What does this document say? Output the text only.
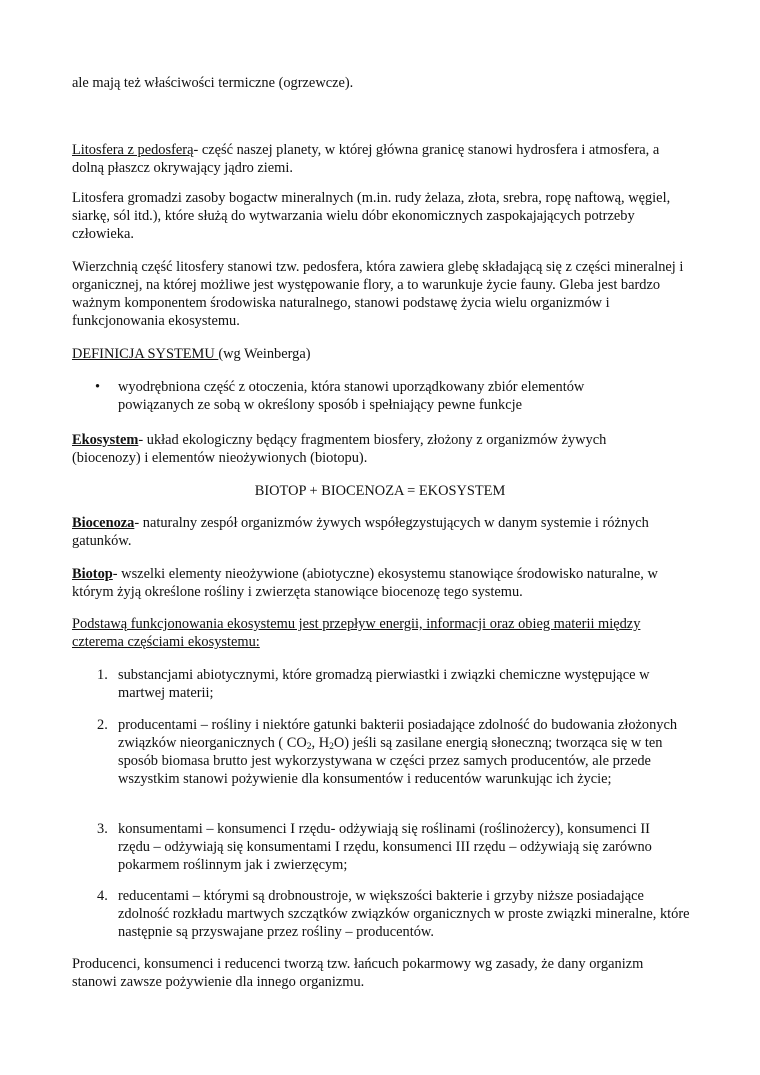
ale mają też właściwości termiczne (ogrzewcze).

Litosfera z pedosferą- część naszej planety, w której główna granicę stanowi hydrosfera i atmosfera, a dolną płaszcz okrywający jądro ziemi.

Litosfera gromadzi zasoby bogactw mineralnych (m.in. rudy żelaza, złota, srebra, ropę naftową, węgiel, siarkę, sól itd.), które służą do wytwarzania wielu dóbr ekonomicznych zaspokajających potrzeby człowieka.

Wierzchnią część litosfery stanowi tzw. pedosfera, która zawiera glebę składającą się z części mineralnej i organicznej, na której możliwe jest występowanie flory, a to warunkuje życie fauny. Gleba jest bardzo ważnym komponentem środowiska naturalnego, stanowi podstawę życia wielu organizmów i funkcjonowania ekosystemu.

DEFINICJA SYSTEMU (wg Weinberga)

• wyodrębniona część z otoczenia, która stanowi uporządkowany zbiór elementów powiązanych ze sobą w określony sposób i spełniający pewne funkcje

Ekosystem- układ ekologiczny będący fragmentem biosfery, złożony z organizmów żywych (biocenozy) i elementów nieożywionych (biotopu).

BIOTOP + BIOCENOZA = EKOSYSTEM

Biocenoza- naturalny zespół organizmów żywych współegzystujących w danym systemie i różnych gatunków.

Biotop- wszelki elementy nieożywione (abiotyczne) ekosystemu stanowiące środowisko naturalne, w którym żyją określone rośliny i zwierzęta stanowiące biocenozę tego systemu.

Podstawą funkcjonowania ekosystemu jest przepływ energii, informacji oraz obieg materii między czterema częściami ekosystemu:

1. substancjami abiotycznymi, które gromadzą pierwiastki i związki chemiczne występujące w martwej materii;

2. producentami – rośliny i niektóre gatunki bakterii posiadające zdolność do budowania złożonych związków nieorganicznych ( $CO_2$, $H_2O$) jeśli są zasilane energią słoneczną; tworząca się w ten sposób biomasa brutto jest wykorzystywana w części przez samych producentów, ale przede wszystkim stanowi pożywienie dla konsumentów i reducentów warunkując ich życie;

3. konsumentami – konsumenci I rzędu- odżywiają się roślinami (roślinożercy), konsumenci II rzędu – odżywiają się konsumentami I rzędu, konsumenci III rzędu – odżywiają się zarówno pokarmem roślinnym jak i zwierzęcym;

4. reducentami – którymi są drobnoustroje, w większości bakterie i grzyby niższe posiadające zdolność rozkładu martwych szczątków związków organicznych w proste związki mineralne, które następnie są przyswajane przez rośliny – producentów.

Producenci, konsumenci i reducenci tworzą tzw. łańcuch pokarmowy wg zasady, że dany organizm stanowi zawsze pożywienie dla innego organizmu.
